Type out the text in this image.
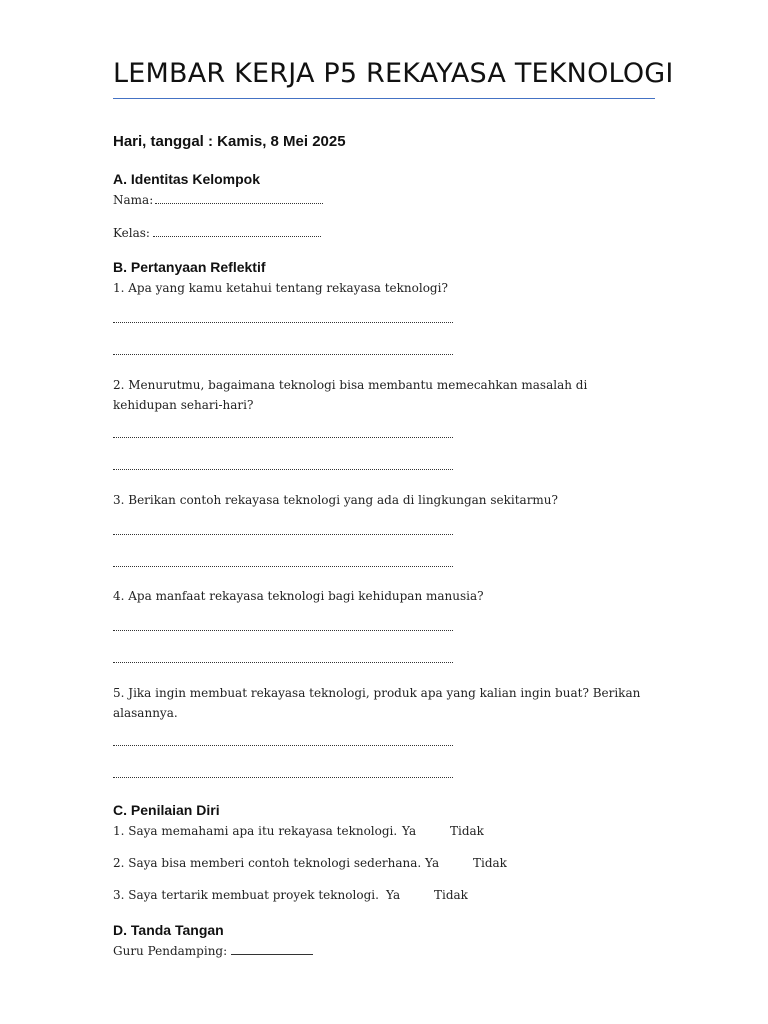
LEMBAR KERJA P5 REKAYASA TEKNOLOGI
Hari, tanggal : Kamis, 8 Mei 2025
A. Identitas Kelompok
Nama:
Kelas:
B. Pertanyaan Reflektif
1. Apa yang kamu ketahui tentang rekayasa teknologi?
2. Menurutmu, bagaimana teknologi bisa membantu memecahkan masalah di kehidupan sehari-hari?
3. Berikan contoh rekayasa teknologi yang ada di lingkungan sekitarmu?
4. Apa manfaat rekayasa teknologi bagi kehidupan manusia?
5. Jika ingin membuat rekayasa teknologi, produk apa yang kalian ingin buat? Berikan alasannya.
C. Penilaian Diri
1. Saya memahami apa itu rekayasa teknologi. Ya	Tidak
2. Saya bisa memberi contoh teknologi sederhana. Ya	Tidak
3. Saya tertarik membuat proyek teknologi. Ya	Tidak
D. Tanda Tangan
Guru Pendamping:
